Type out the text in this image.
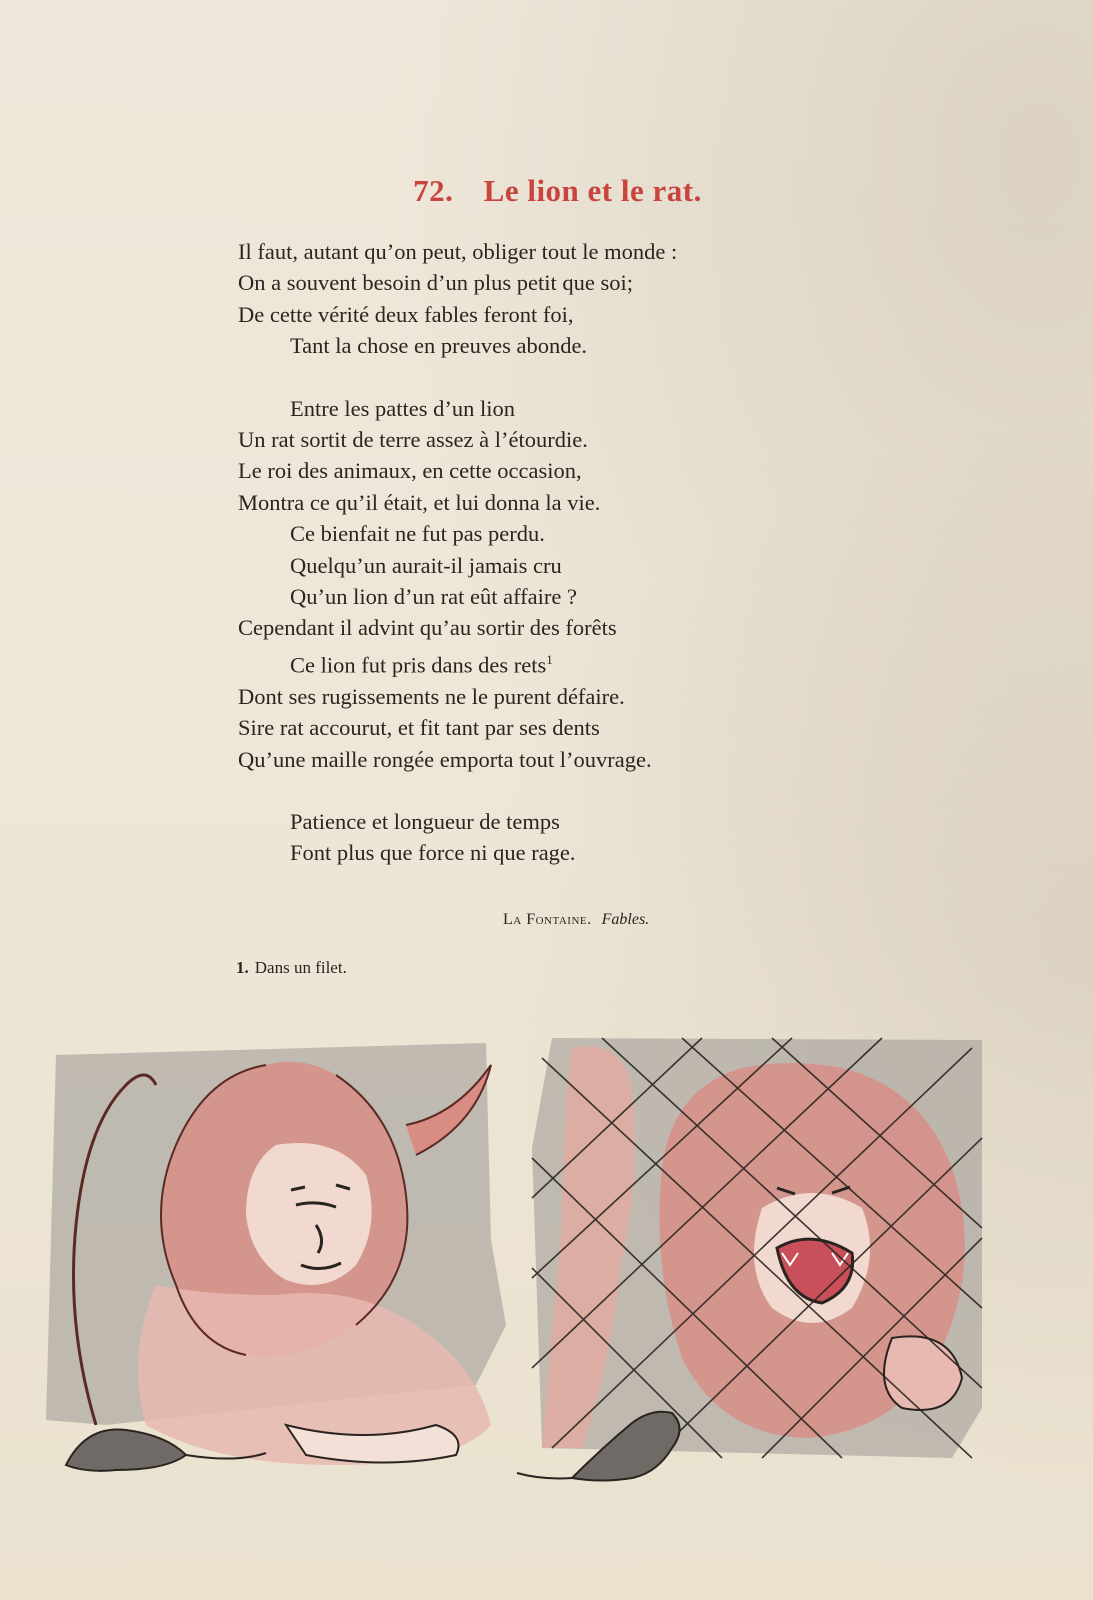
72. Le lion et le rat.
Il faut, autant qu’on peut, obliger tout le monde :
On a souvent besoin d’un plus petit que soi;
De cette vérité deux fables feront foi,
Tant la chose en preuves abonde.
Entre les pattes d’un lion
Un rat sortit de terre assez à l’étourdie.
Le roi des animaux, en cette occasion,
Montra ce qu’il était, et lui donna la vie.
Ce bienfait ne fut pas perdu.
Quelqu’un aurait-il jamais cru
Qu’un lion d’un rat eût affaire ?
Cependant il advint qu’au sortir des forêts
Ce lion fut pris dans des rets$^1$
Dont ses rugissements ne le purent défaire.
Sire rat accourut, et fit tant par ses dents
Qu’une maille rongée emporta tout l’ouvrage.
Patience et longueur de temps
Font plus que force ni que rage.
La Fontaine. Fables.
1. Dans un filet.
